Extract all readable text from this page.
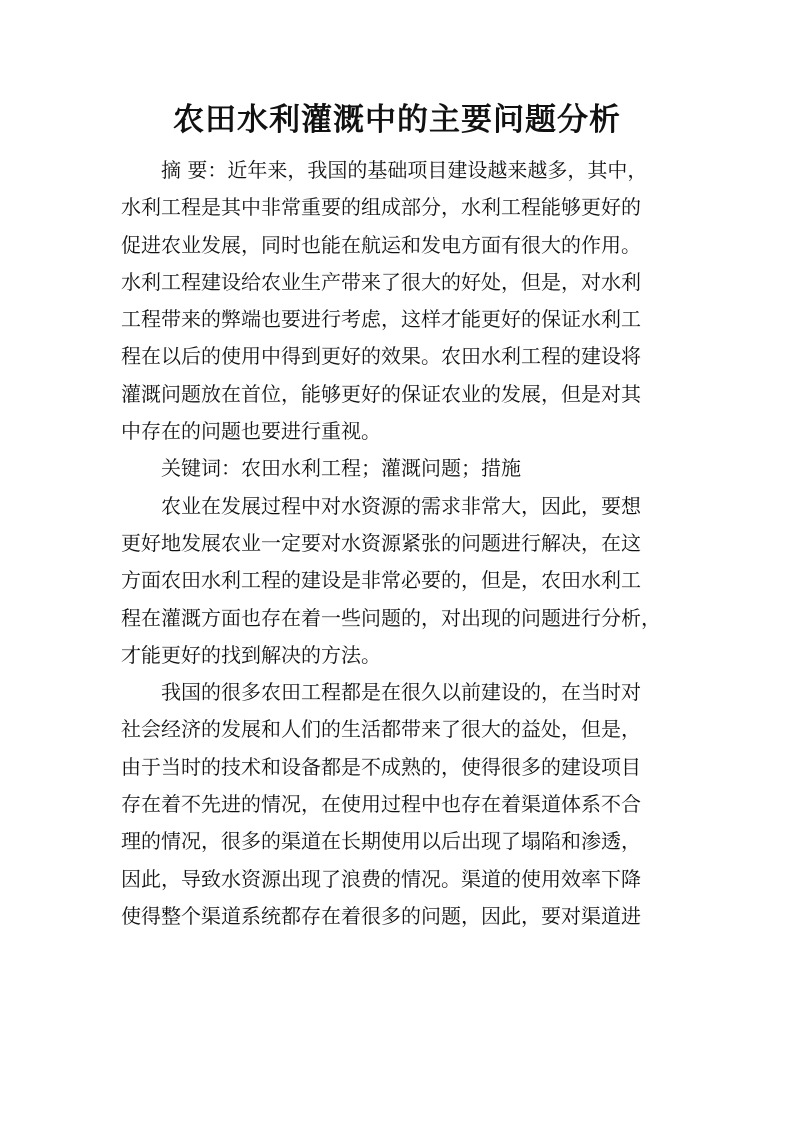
农田水利灌溉中的主要问题分析

摘 要：近年来，我国的基础项目建设越来越多，其中，
水利工程是其中非常重要的组成部分，水利工程能够更好的
促进农业发展，同时也能在航运和发电方面有很大的作用。
水利工程建设给农业生产带来了很大的好处，但是，对水利
工程带来的弊端也要进行考虑，这样才能更好的保证水利工
程在以后的使用中得到更好的效果。农田水利工程的建设将
灌溉问题放在首位，能够更好的保证农业的发展，但是对其
中存在的问题也要进行重视。

关键词：农田水利工程；灌溉问题；措施

农业在发展过程中对水资源的需求非常大，因此，要想
更好地发展农业一定要对水资源紧张的问题进行解决，在这
方面农田水利工程的建设是非常必要的，但是，农田水利工
程在灌溉方面也存在着一些问题的，对出现的问题进行分析，
才能更好的找到解决的方法。

我国的很多农田工程都是在很久以前建设的，在当时对
社会经济的发展和人们的生活都带来了很大的益处，但是，
由于当时的技术和设备都是不成熟的，使得很多的建设项目
存在着不先进的情况，在使用过程中也存在着渠道体系不合
理的情况，很多的渠道在长期使用以后出现了塌陷和渗透，
因此，导致水资源出现了浪费的情况。渠道的使用效率下降
使得整个渠道系统都存在着很多的问题，因此，要对渠道进
